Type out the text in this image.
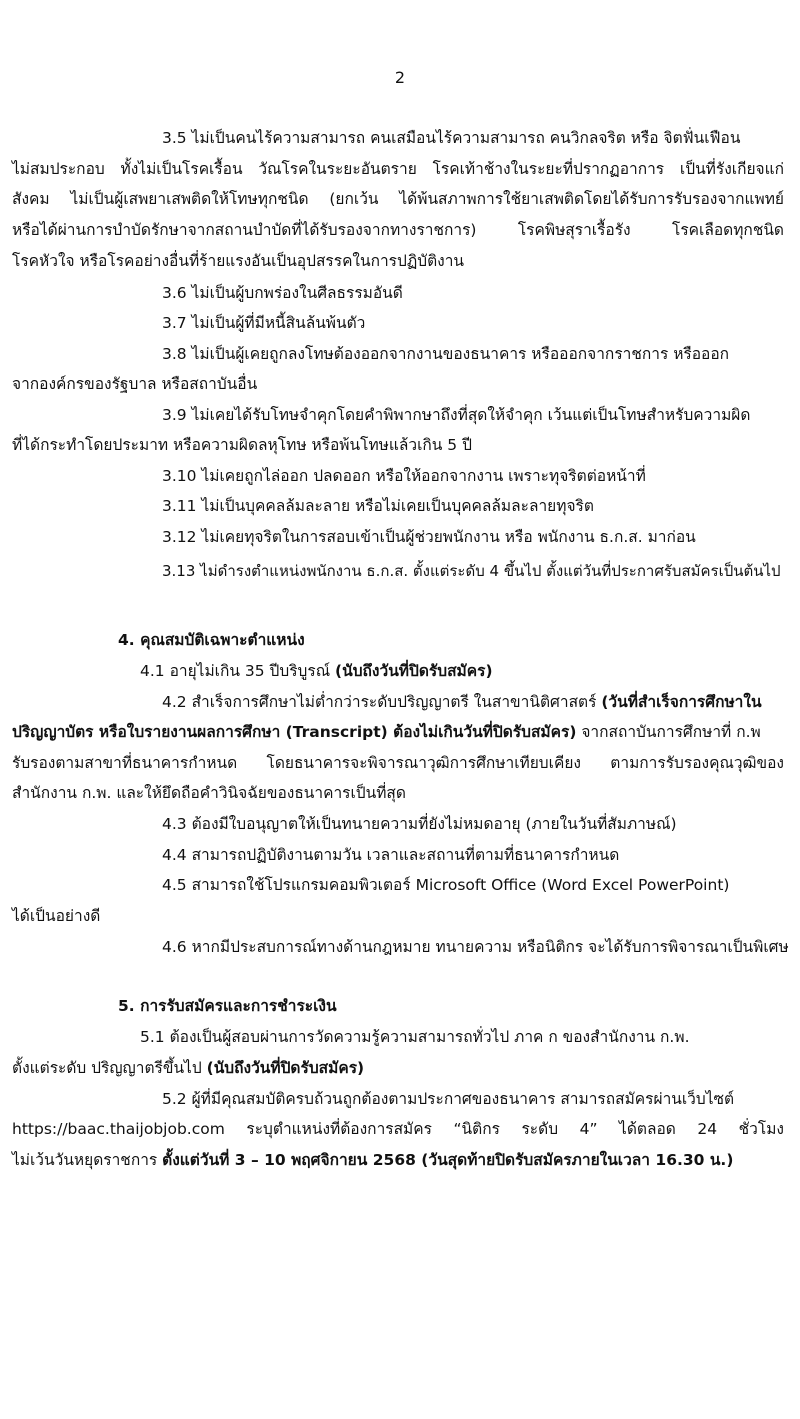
2
3.5 ไม่เป็นคนไร้ความสามารถ คนเสมือนไร้ความสามารถ คนวิกลจริต หรือ จิตฟั่นเฟือน
ไม่สมประกอบ ทั้งไม่เป็นโรคเรื้อน วัณโรคในระยะอันตราย โรคเท้าช้างในระยะที่ปรากฏอาการ เป็นที่รังเกียจแก่
สังคม ไม่เป็นผู้เสพยาเสพติดให้โทษทุกชนิด (ยกเว้น ได้พ้นสภาพการใช้ยาเสพติดโดยได้รับการรับรองจากแพทย์
หรือได้ผ่านการบำบัดรักษาจากสถานบำบัดที่ได้รับรองจากทางราชการ) โรคพิษสุราเรื้อรัง โรคเลือดทุกชนิด
โรคหัวใจ หรือโรคอย่างอื่นที่ร้ายแรงอันเป็นอุปสรรคในการปฏิบัติงาน
3.6 ไม่เป็นผู้บกพร่องในศีลธรรมอันดี
3.7 ไม่เป็นผู้ที่มีหนี้สินล้นพ้นตัว
3.8 ไม่เป็นผู้เคยถูกลงโทษต้องออกจากงานของธนาคาร หรือออกจากราชการ หรือออก
จากองค์กรของรัฐบาล หรือสถาบันอื่น
3.9 ไม่เคยได้รับโทษจำคุกโดยคำพิพากษาถึงที่สุดให้จำคุก เว้นแต่เป็นโทษสำหรับความผิด
ที่ได้กระทำโดยประมาท หรือความผิดลหุโทษ หรือพ้นโทษแล้วเกิน 5 ปี
3.10 ไม่เคยถูกไล่ออก ปลดออก หรือให้ออกจากงาน เพราะทุจริตต่อหน้าที่
3.11 ไม่เป็นบุคคลล้มละลาย หรือไม่เคยเป็นบุคคลล้มละลายทุจริต
3.12 ไม่เคยทุจริตในการสอบเข้าเป็นผู้ช่วยพนักงาน หรือ พนักงาน ธ.ก.ส. มาก่อน
3.13 ไม่ดำรงตำแหน่งพนักงาน ธ.ก.ส. ตั้งแต่ระดับ 4 ขึ้นไป ตั้งแต่วันที่ประกาศรับสมัครเป็นต้นไป
4. คุณสมบัติเฉพาะตำแหน่ง
4.1 อายุไม่เกิน 35 ปีบริบูรณ์ (นับถึงวันที่ปิดรับสมัคร)
4.2 สำเร็จการศึกษาไม่ต่ำกว่าระดับปริญญาตรี ในสาขานิติศาสตร์ (วันที่สำเร็จการศึกษาใน
ปริญญาบัตร หรือใบรายงานผลการศึกษา (Transcript) ต้องไม่เกินวันที่ปิดรับสมัคร) จากสถาบันการศึกษาที่ ก.พ
รับรองตามสาขาที่ธนาคารกำหนด โดยธนาคารจะพิจารณาวุฒิการศึกษาเทียบเคียง ตามการรับรองคุณวุฒิของ
สำนักงาน ก.พ. และให้ยึดถือคำวินิจฉัยของธนาคารเป็นที่สุด
4.3 ต้องมีใบอนุญาตให้เป็นทนายความที่ยังไม่หมดอายุ (ภายในวันที่สัมภาษณ์)
4.4 สามารถปฏิบัติงานตามวัน เวลาและสถานที่ตามที่ธนาคารกำหนด
4.5 สามารถใช้โปรแกรมคอมพิวเตอร์ Microsoft Office (Word Excel PowerPoint)
ได้เป็นอย่างดี
4.6 หากมีประสบการณ์ทางด้านกฎหมาย ทนายความ หรือนิติกร จะได้รับการพิจารณาเป็นพิเศษ
5. การรับสมัครและการชำระเงิน
5.1 ต้องเป็นผู้สอบผ่านการวัดความรู้ความสามารถทั่วไป ภาค ก ของสำนักงาน ก.พ.
ตั้งแต่ระดับ ปริญญาตรีขึ้นไป (นับถึงวันที่ปิดรับสมัคร)
5.2 ผู้ที่มีคุณสมบัติครบถ้วนถูกต้องตามประกาศของธนาคาร สามารถสมัครผ่านเว็บไซต์
https://baac.thaijobjob.com ระบุตำแหน่งที่ต้องการสมัคร “นิติกร ระดับ 4” ได้ตลอด 24 ชั่วโมง
ไม่เว้นวันหยุดราชการ ตั้งแต่วันที่ 3 – 10 พฤศจิกายน 2568 (วันสุดท้ายปิดรับสมัครภายในเวลา 16.30 น.)
